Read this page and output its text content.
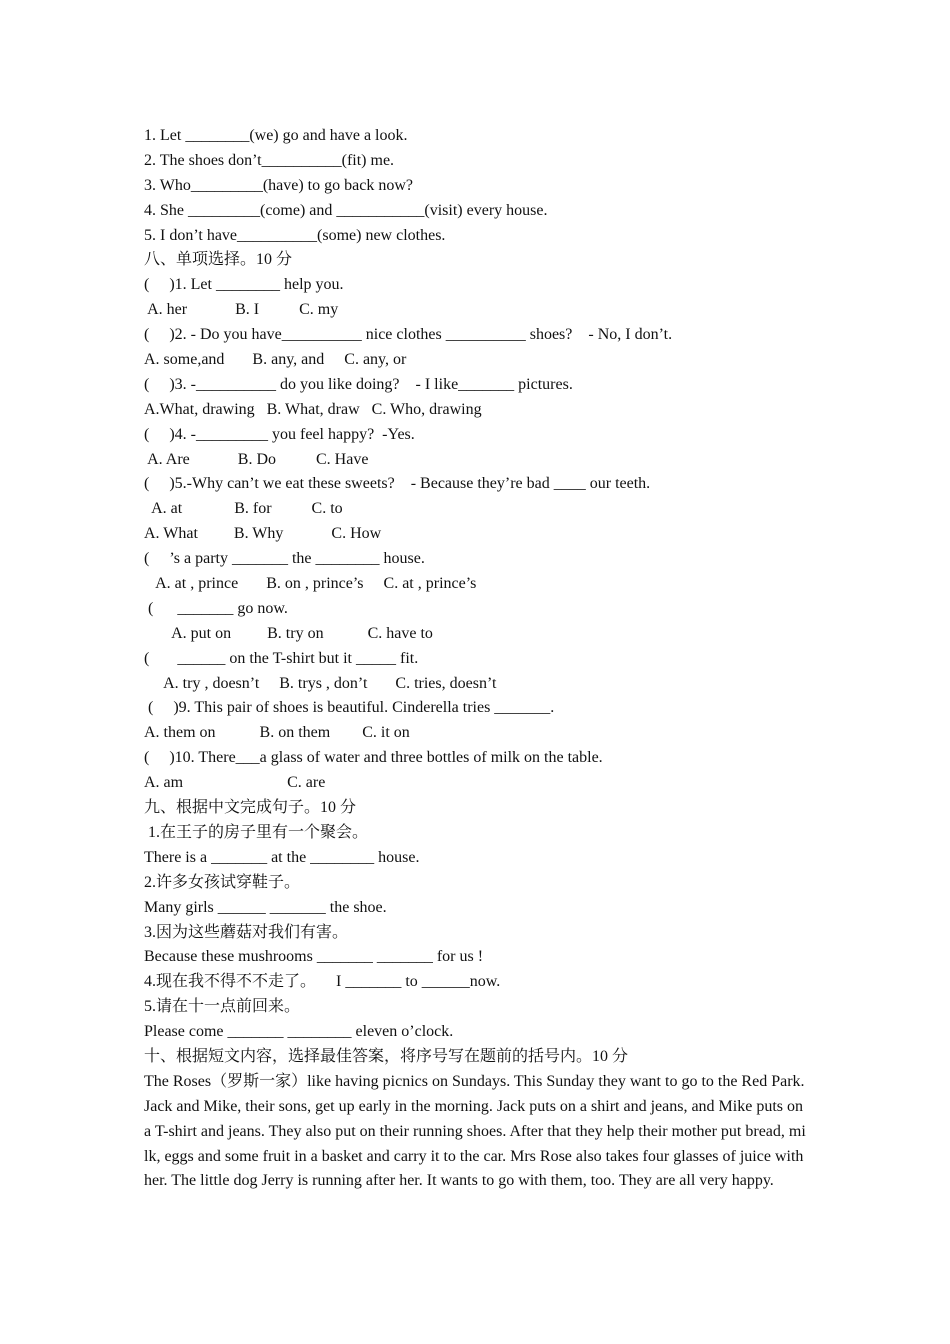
1. Let ________(we) go and have a look.
2. The shoes don’t__________(fit) me.
3. Who_________(have) to go back now?
4. She _________(come) and ___________(visit) every house.
5. I don’t have__________(some) new clothes.
八、单项选择。10 分
(     )1. Let ________ help you.
A. her            B. I          C. my
(     )2. - Do you have__________ nice clothes __________ shoes?    - No, I don’t.
A. some,and       B. any, and     C. any, or
(     )3. -__________ do you like doing?    - I like_______ pictures.
A.What, drawing   B. What, draw   C. Who, drawing
(     )4. -_________ you feel happy?  -Yes.
A. Are            B. Do          C. Have
(     )5.-Why can’t we eat these sweets?    - Because they’re bad ____ our teeth.
A. at             B. for          C. to
A. What         B. Why            C. How
(     ’s a party _______ the ________ house.
A. at , prince       B. on , prince’s     C. at , prince’s
(      _______ go now.
A. put on         B. try on           C. have to
(       ______ on the T-shirt but it _____ fit.
A. try , doesn’t     B. trys , don’t       C. tries, doesn’t
(     )9. This pair of shoes is beautiful. Cinderella tries _______.
A. them on           B. on them        C. it on
(     )10. There___a glass of water and three bottles of milk on the table.
A. am                          C. are
九、根据中文完成句子。10 分
1.在王子的房子里有一个聚会。
There is a _______ at the ________ house.
2.许多女孩试穿鞋子。
Many girls ______ _______ the shoe.
3.因为这些蘑菇对我们有害。
Because these mushrooms _______ _______ for us !
4.现在我不得不不走了。     I _______ to ______now.
5.请在十一点前回来。
Please come _______ ________ eleven o’clock.
十、根据短文内容，选择最佳答案，将序号写在题前的括号内。10 分
The Roses（罗斯一家）like having picnics on Sundays. This Sunday they want to go to the Red Park. Jack and Mike, their sons, get up early in the morning. Jack puts on a shirt and jeans, and Mike puts on a T-shirt and jeans. They also put on their running shoes. After that they help their mother put bread, milk, eggs and some fruit in a basket and carry it to the car. Mrs Rose also takes four glasses of juice with her. The little dog Jerry is running after her. It wants to go with them, too. They are all very happy.
